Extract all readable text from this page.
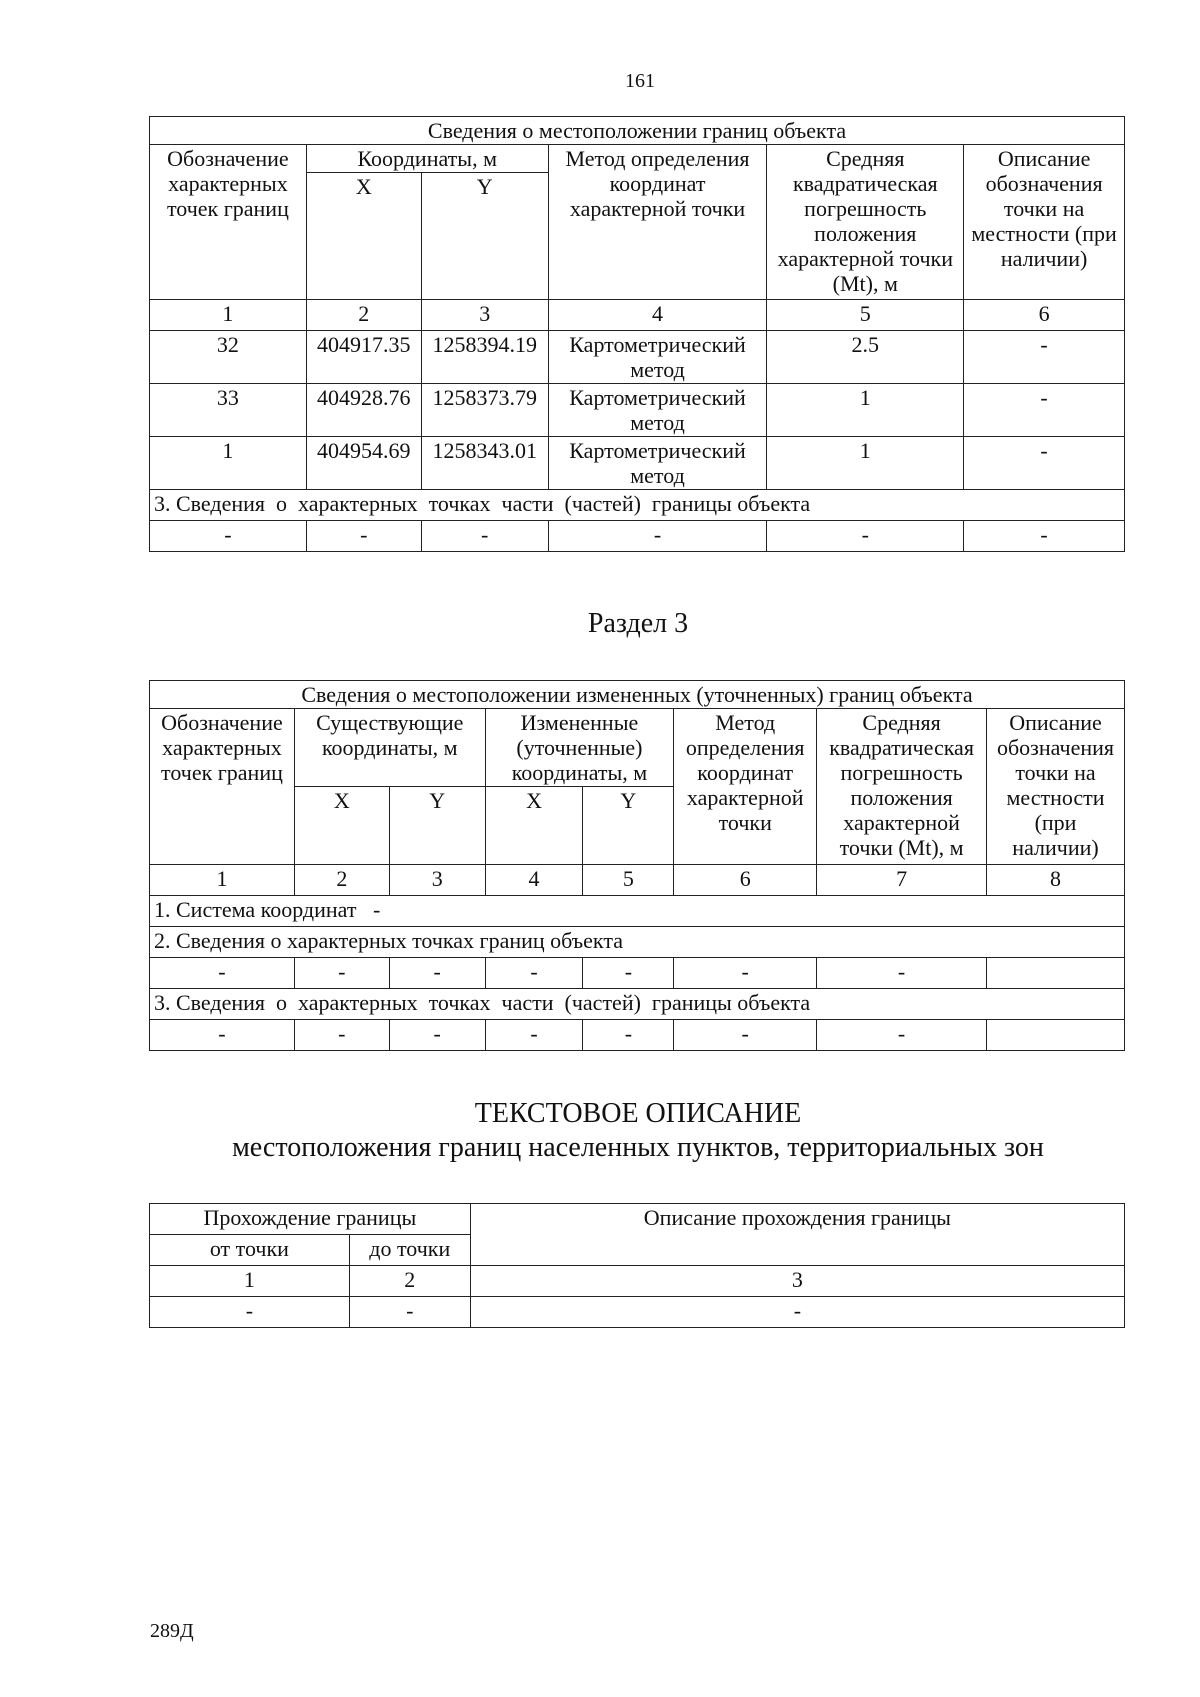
161
Сведения о местоположении границ объекта					
Обозначение характерных точек границ	Координаты, м		Метод определения координат характерной точки	Средняя квадратическая погрешность положения характерной точки (Mt), м	Описание обозначения точки на местности (при наличии)
	X	Y			
1	2	3	4	5	6
32	404917.35	1258394.19	Картометрический метод	2.5	-
33	404928.76	1258373.79	Картометрический метод	1	-
1	404954.69	1258343.01	Картометрический метод	1	-
3. Сведения  о  характерных  точках  части  (частей)  границы объекта					
-	-	-	-	-	-
Раздел 3
Сведения о местоположении измененных (уточненных) границ объекта							
Обозначение характерных точек границ	Существующие координаты, м		Измененные (уточненные) координаты, м		Метод определения координат характерной точки	Средняя квадратическая погрешность положения характерной точки (Mt), м	Описание обозначения точки на местности (при наличии)
	X	Y	X	Y			
1	2	3	4	5	6	7	8
1. Система координат   -							
2. Сведения о характерных точках границ объекта							
-	-	-	-	-	-	-	
3. Сведения  о  характерных  точках  части  (частей)  границы объекта							
-	-	-	-	-	-	-	
ТЕКСТОВОЕ ОПИСАНИЕ
местоположения границ населенных пунктов, территориальных зон
Прохождение границы		Описание прохождения границы
от точки	до точки	
1	2	3
-	-	-
289Д
